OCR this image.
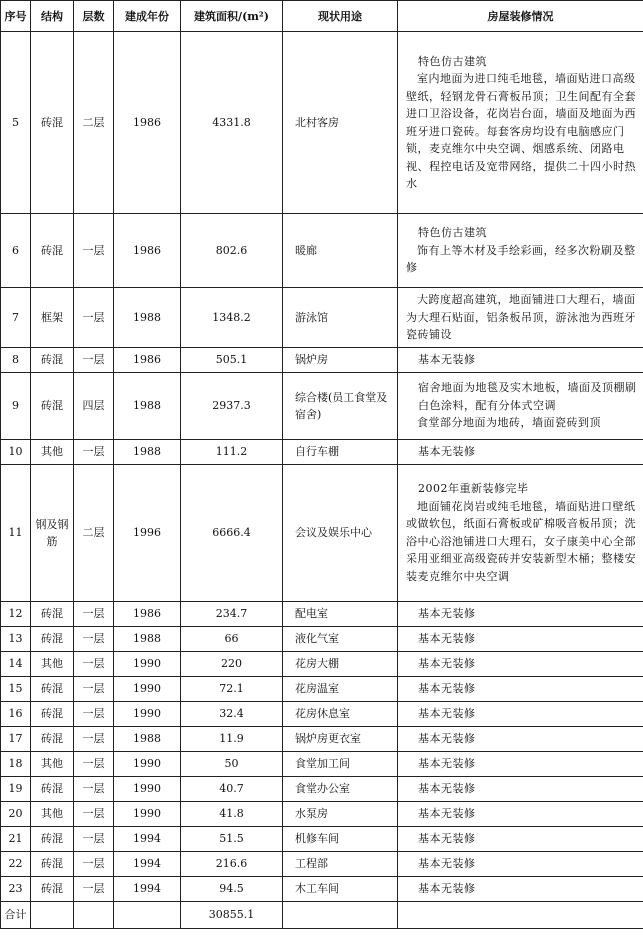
序号	结构	层数	建成年份	建筑面积/(m²)	现状用途	房屋装修情况
5	砖混	二层	1986	4331.8	北村客房	特色仿古建筑
室内地面为进口纯毛地毯，墙面贴进口高级壁纸，轻钢龙骨石膏板吊顶；卫生间配有全套进口卫浴设备，花岗岩台面，墙面及地面为西班牙进口瓷砖。每套客房均设有电脑感应门锁，麦克维尔中央空调、烟感系统、闭路电视、程控电话及宽带网络，提供二十四小时热水

6	砖混	一层	1986	802.6	暖廊	特色仿古建筑
饰有上等木材及手绘彩画，经多次粉刷及整修

7	框架	一层	1988	1348.2	游泳馆	大跨度超高建筑，地面铺进口大理石，墙面为大理石贴面，铝条板吊顶，游泳池为西班牙瓷砖铺设

8	砖混	一层	1986	505.1	锅炉房	基本无装修

9	砖混	四层	1988	2937.3	综合楼(员工食堂及宿舍)	宿舍地面为地毯及实木地板，墙面及顶棚刷白色涂料，配有分体式空调
食堂部分地面为地砖，墙面瓷砖到顶

10	其他	一层	1988	111.2	自行车棚	基本无装修

11	钢及钢筋	二层	1996	6666.4	会议及娱乐中心	2002年重新装修完毕
地面铺花岗岩或纯毛地毯，墙面贴进口壁纸或做软包，纸面石膏板或矿棉吸音板吊顶；洗浴中心浴池铺进口大理石，女子康美中心全部采用亚细亚高级瓷砖并安装新型木桶；整楼安装麦克维尔中央空调

12	砖混	一层	1986	234.7	配电室	基本无装修

13	砖混	一层	1988	66	液化气室	基本无装修

14	其他	一层	1990	220	花房大棚	基本无装修

15	砖混	一层	1990	72.1	花房温室	基本无装修

16	砖混	一层	1990	32.4	花房休息室	基本无装修

17	砖混	一层	1988	11.9	锅炉房更衣室	基本无装修

18	其他	一层	1990	50	食堂加工间	基本无装修

19	砖混	一层	1990	40.7	食堂办公室	基本无装修

20	其他	一层	1990	41.8	水泵房	基本无装修

21	砖混	一层	1994	51.5	机修车间	基本无装修

22	砖混	一层	1994	216.6	工程部	基本无装修

23	砖混	一层	1994	94.5	木工车间	基本无装修

合计				30855.1		
